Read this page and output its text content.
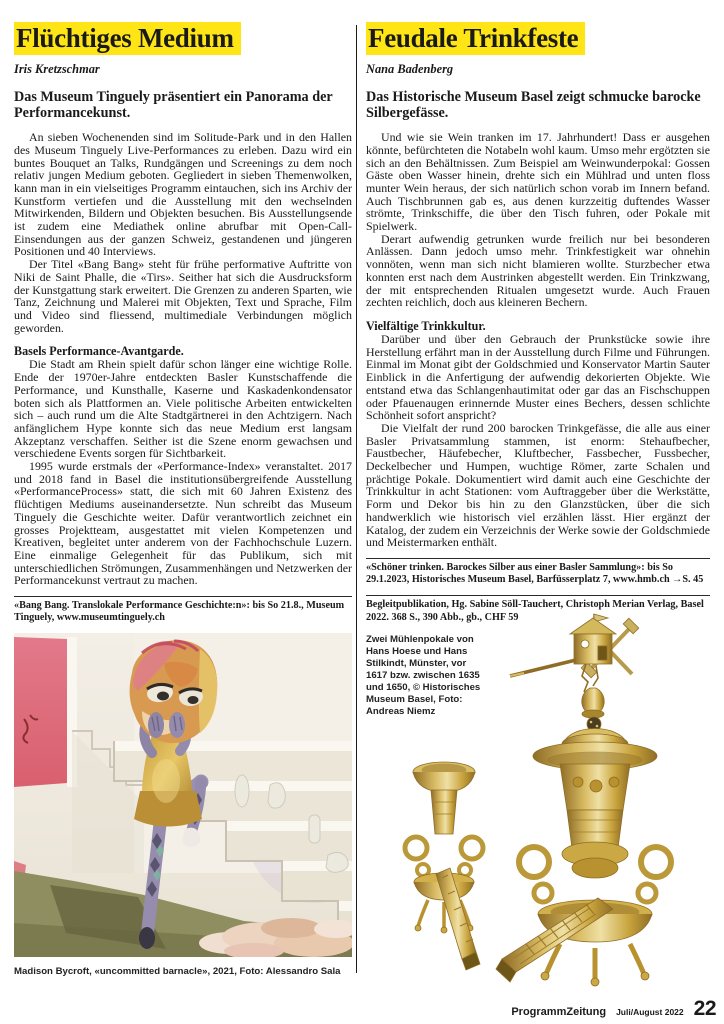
Flüchtiges Medium
Iris Kretzschmar
Das Museum Tinguely präsentiert ein Panorama der Performancekunst.

An sieben Wochenenden sind im Solitude-Park und in den Hallen des Museum Tinguely Live-Performances zu erleben. Dazu wird ein buntes Bouquet an Talks, Rundgängen und Screenings zu dem noch relativ jungen Medium geboten. Gegliedert in sieben Themenwolken, kann man in ein vielseitiges Programm eintauchen, sich ins Archiv der Kunstform vertiefen und die Ausstellung mit den wechselnden Mitwirkenden, Bildern und Objekten besuchen. Bis Ausstellungsende ist zudem eine Mediathek online abrufbar mit Open-Call-Einsendungen aus der ganzen Schweiz, gestandenen und jüngeren Positionen und 40 Interviews.

Der Titel «Bang Bang» steht für frühe performative Auftritte von Niki de Saint Phalle, die «Tirs». Seither hat sich die Ausdrucksform der Kunstgattung stark erweitert. Die Grenzen zu anderen Sparten, wie Tanz, Zeichnung und Malerei mit Objekten, Text und Sprache, Film und Video sind fliessend, multimediale Verbindungen möglich geworden.

Basels Performance-Avantgarde.

Die Stadt am Rhein spielt dafür schon länger eine wichtige Rolle. Ende der 1970er-Jahre entdeckten Basler Kunstschaffende die Performance, und Kunsthalle, Kaserne und Kaskadenkondensator boten sich als Plattformen an. Viele politische Arbeiten entwickelten sich – auch rund um die Alte Stadtgärtnerei in den Achtzigern. Nach anfänglichem Hype konnte sich das neue Medium erst langsam Akzeptanz verschaffen. Seither ist die Szene enorm gewachsen und verschiedene Events sorgen für Sichtbarkeit.

1995 wurde erstmals der «Performance-Index» veranstaltet. 2017 und 2018 fand in Basel die institutionsübergreifende Ausstellung «PerformanceProcess» statt, die sich mit 60 Jahren Existenz des flüchtigen Mediums auseinandersetzte. Nun schreibt das Museum Tinguely die Geschichte weiter. Dafür verantwortlich zeichnet ein grosses Projektteam, ausgestattet mit vielen Kompetenzen und Kreativen, begleitet unter anderem von der Fachhochschule Luzern. Eine einmalige Gelegenheit für das Publikum, sich mit unterschiedlichen Strömungen, Zusammenhängen und Netzwerken der Performancekunst vertraut zu machen.

«Bang Bang. Translokale Performance Geschichte:n»: bis So 21.8., Museum Tinguely, www.museumtinguely.ch
Madison Bycroft, «uncommitted barnacle», 2021, Foto: Alessandro Sala
Feudale Trinkfeste
Nana Badenberg
Das Historische Museum Basel zeigt schmucke barocke Silbergefässe.

Und wie sie Wein tranken im 17. Jahrhundert! Dass er ausgehen könnte, befürchteten die Notabeln wohl kaum. Umso mehr ergötzten sie sich an den Behältnissen. Zum Beispiel am Weinwunderpokal: Gossen Gäste oben Wasser hinein, drehte sich ein Mühlrad und unten floss munter Wein heraus, der sich natürlich schon vorab im Innern befand. Auch Tischbrunnen gab es, aus denen kurzzeitig duftendes Wasser strömte, Trinkschiffe, die über den Tisch fuhren, oder Pokale mit Spielwerk.

Derart aufwendig getrunken wurde freilich nur bei besonderen Anlässen. Dann jedoch umso mehr. Trinkfestigkeit war ohnehin vonnöten, wenn man sich nicht blamieren wollte. Sturzbecher etwa konnten erst nach dem Austrinken abgestellt werden. Ein Trinkzwang, der mit entsprechenden Ritualen umgesetzt wurde. Auch Frauen zechten reichlich, doch aus kleineren Bechern.

Vielfältige Trinkkultur.

Darüber und über den Gebrauch der Prunkstücke sowie ihre Herstellung erfährt man in der Ausstellung durch Filme und Führungen. Einmal im Monat gibt der Goldschmied und Konservator Martin Sauter Einblick in die Anfertigung der aufwendig dekorierten Objekte. Wie entstand etwa das Schlangenhautimitat oder gar das an Fischschuppen oder Pfauenaugen erinnernde Muster eines Bechers, dessen schlichte Schönheit sofort anspricht?

Die Vielfalt der rund 200 barocken Trinkgefässe, die alle aus einer Basler Privatsammlung stammen, ist enorm: Stehaufbecher, Faustbecher, Häufebecher, Kluftbecher, Fassbecher, Fussbecher, Deckelbecher und Humpen, wuchtige Römer, zarte Schalen und prächtige Pokale. Dokumentiert wird damit auch eine Geschichte der Trinkkultur in acht Stationen: vom Auftraggeber über die Werkstätte, Form und Dekor bis hin zu den Glanzstücken, über die sich handwerklich wie historisch viel erzählen lässt. Hier ergänzt der Katalog, der zudem ein Verzeichnis der Werke sowie der Goldschmiede und Meistermarken enthält.

«Schöner trinken. Barockes Silber aus einer Basler Sammlung»: bis So 29.1.2023, Historisches Museum Basel, Barfüsserplatz 7, www.hmb.ch →S. 45
Begleitpublikation, Hg. Sabine Söll-Tauchert, Christoph Merian Verlag, Basel 2022. 368 S., 390 Abb., gb., CHF 59
Zwei Mühlenpokale von Hans Hoese und Hans Stilkindt, Münster, vor 1617 bzw. zwischen 1635 und 1650, © Historisches Museum Basel, Foto: Andreas Niemz
ProgrammZeitung Juli/August 2022 22
